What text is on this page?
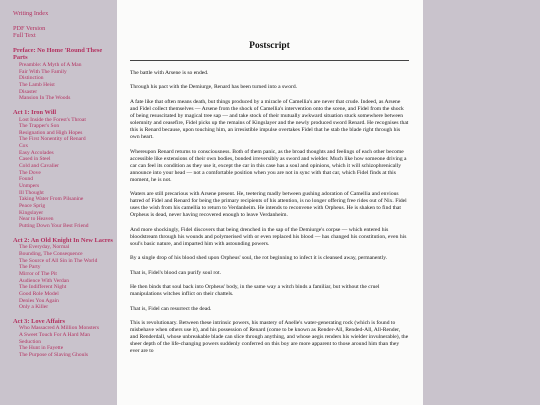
Writing Index
PDF Version
Full Text
Preface: No Home 'Round These Parts
Preamble: A Myth of A Man
Fair With The Family
Distinction
The Lamb Heist
Disaster
Mansion In The Woods
Act 1: Iron Will
Lost Inside the Forest's Throat
The Trapper's Son
Resignation and High Hopes
The First Nonentity of Renard
Cox
Easy Accolades
Cased in Steel
Cold and Cavalier
The Dove
Found
Unmpers
Ill Thought
Taking Water From Pilsanine
Peace Sprig
Kingslayer
Near to Heaven
Putting Down Your Best Friend
Act 2: An Old Knight In New Lacres
The Everyday, Normal
Bounding, The Consequence
The Source of All Sin in The World
The Party
Mirror of The Pit
Audience With Verdan
The Indifferent Night
Good Role Model
Denies You Again
Only a Killer
Act 3: Love Affairs
Who Massacred A Million Monsters
A Sweet Touch For A Hard Man
Seduction
The Hunt in Fayette
The Purpose of Slaving Ghouls
Postscript

The battle with Arsene is so ended.

Through his pact with the Demiurge, Renard has been turned into a sword.

A fate like that often means death, but things produced by a miracle of Camellia's are never that crude. Indeed, as Arsene and Fidel collect themselves — Arsene from the shock of Camellia's intervention onto the scene, and Fidel from the shock of being resuscitated by magical tree sap — and take stock of their mutually awkward situation stuck somewhere between solemnity and ceasefire, Fidel picks up the remains of Kingslayer and the newly produced sword Renard. He recognises that this is Renard because, upon touching him, an irresistible impulse overtakes Fidel that he stab the blade right through his own heart.

Whereupon Renard returns to consciousness. Both of them panic, as the broad thoughts and feelings of each other become accessible like extensions of their own bodies, bonded irreversibly as sword and wielder. Much like how someone driving a car can feel its condition as they use it, except the car in this case has a soul and opinions, which it will schizophrenically announce into your head — not a comfortable position when you are not in sync with that car, which Fidel finds at this moment, he is not.

Waters are still precarious with Arsene present. He, teetering madly between gushing adoration of Camellia and envious hatred of Fidel and Renard for being the primary recipients of his attention, is no longer offering free rides out of Nix. Fidel uses the wish from his camellia to return to Verdanheim. He intends to reconvene with Orpheus. He is shaken to find that Orpheus is dead, never having recovered enough to leave Verdanheim.

And more shockingly, Fidel discovers that being drenched in the sap of the Demiurge's corpse — which entered his bloodstream through his wounds and polymerised with or even replaced his blood — has changed his constitution, even his soul's basic nature, and imparted him with astounding powers.

By a single drop of his blood shed upon Orpheus' soul, the rot beginning to infect it is cleansed away, permanently.

That is, Fidel's blood can purify soul rot.

He then binds that soul back into Orpheus' body, in the same way a witch binds a familiar, but without the cruel manipulations witches inflict on their chattels.

That is, Fidel can resurrect the dead.

This is revolutionary. Between these intrinsic powers, his mastery of Anelle's water-generating rock (which is found to misbehave when others use it), and his possession of Renard (come to be known as Render-All, Rended-All, All-Render, and Renderdall, whose unbreakable blade can slice through anything, and whose aegis renders his wielder invulnerable), the sheer depth of the life-changing powers suddenly conferred on this boy are more apparent to those around him than they ever are to
